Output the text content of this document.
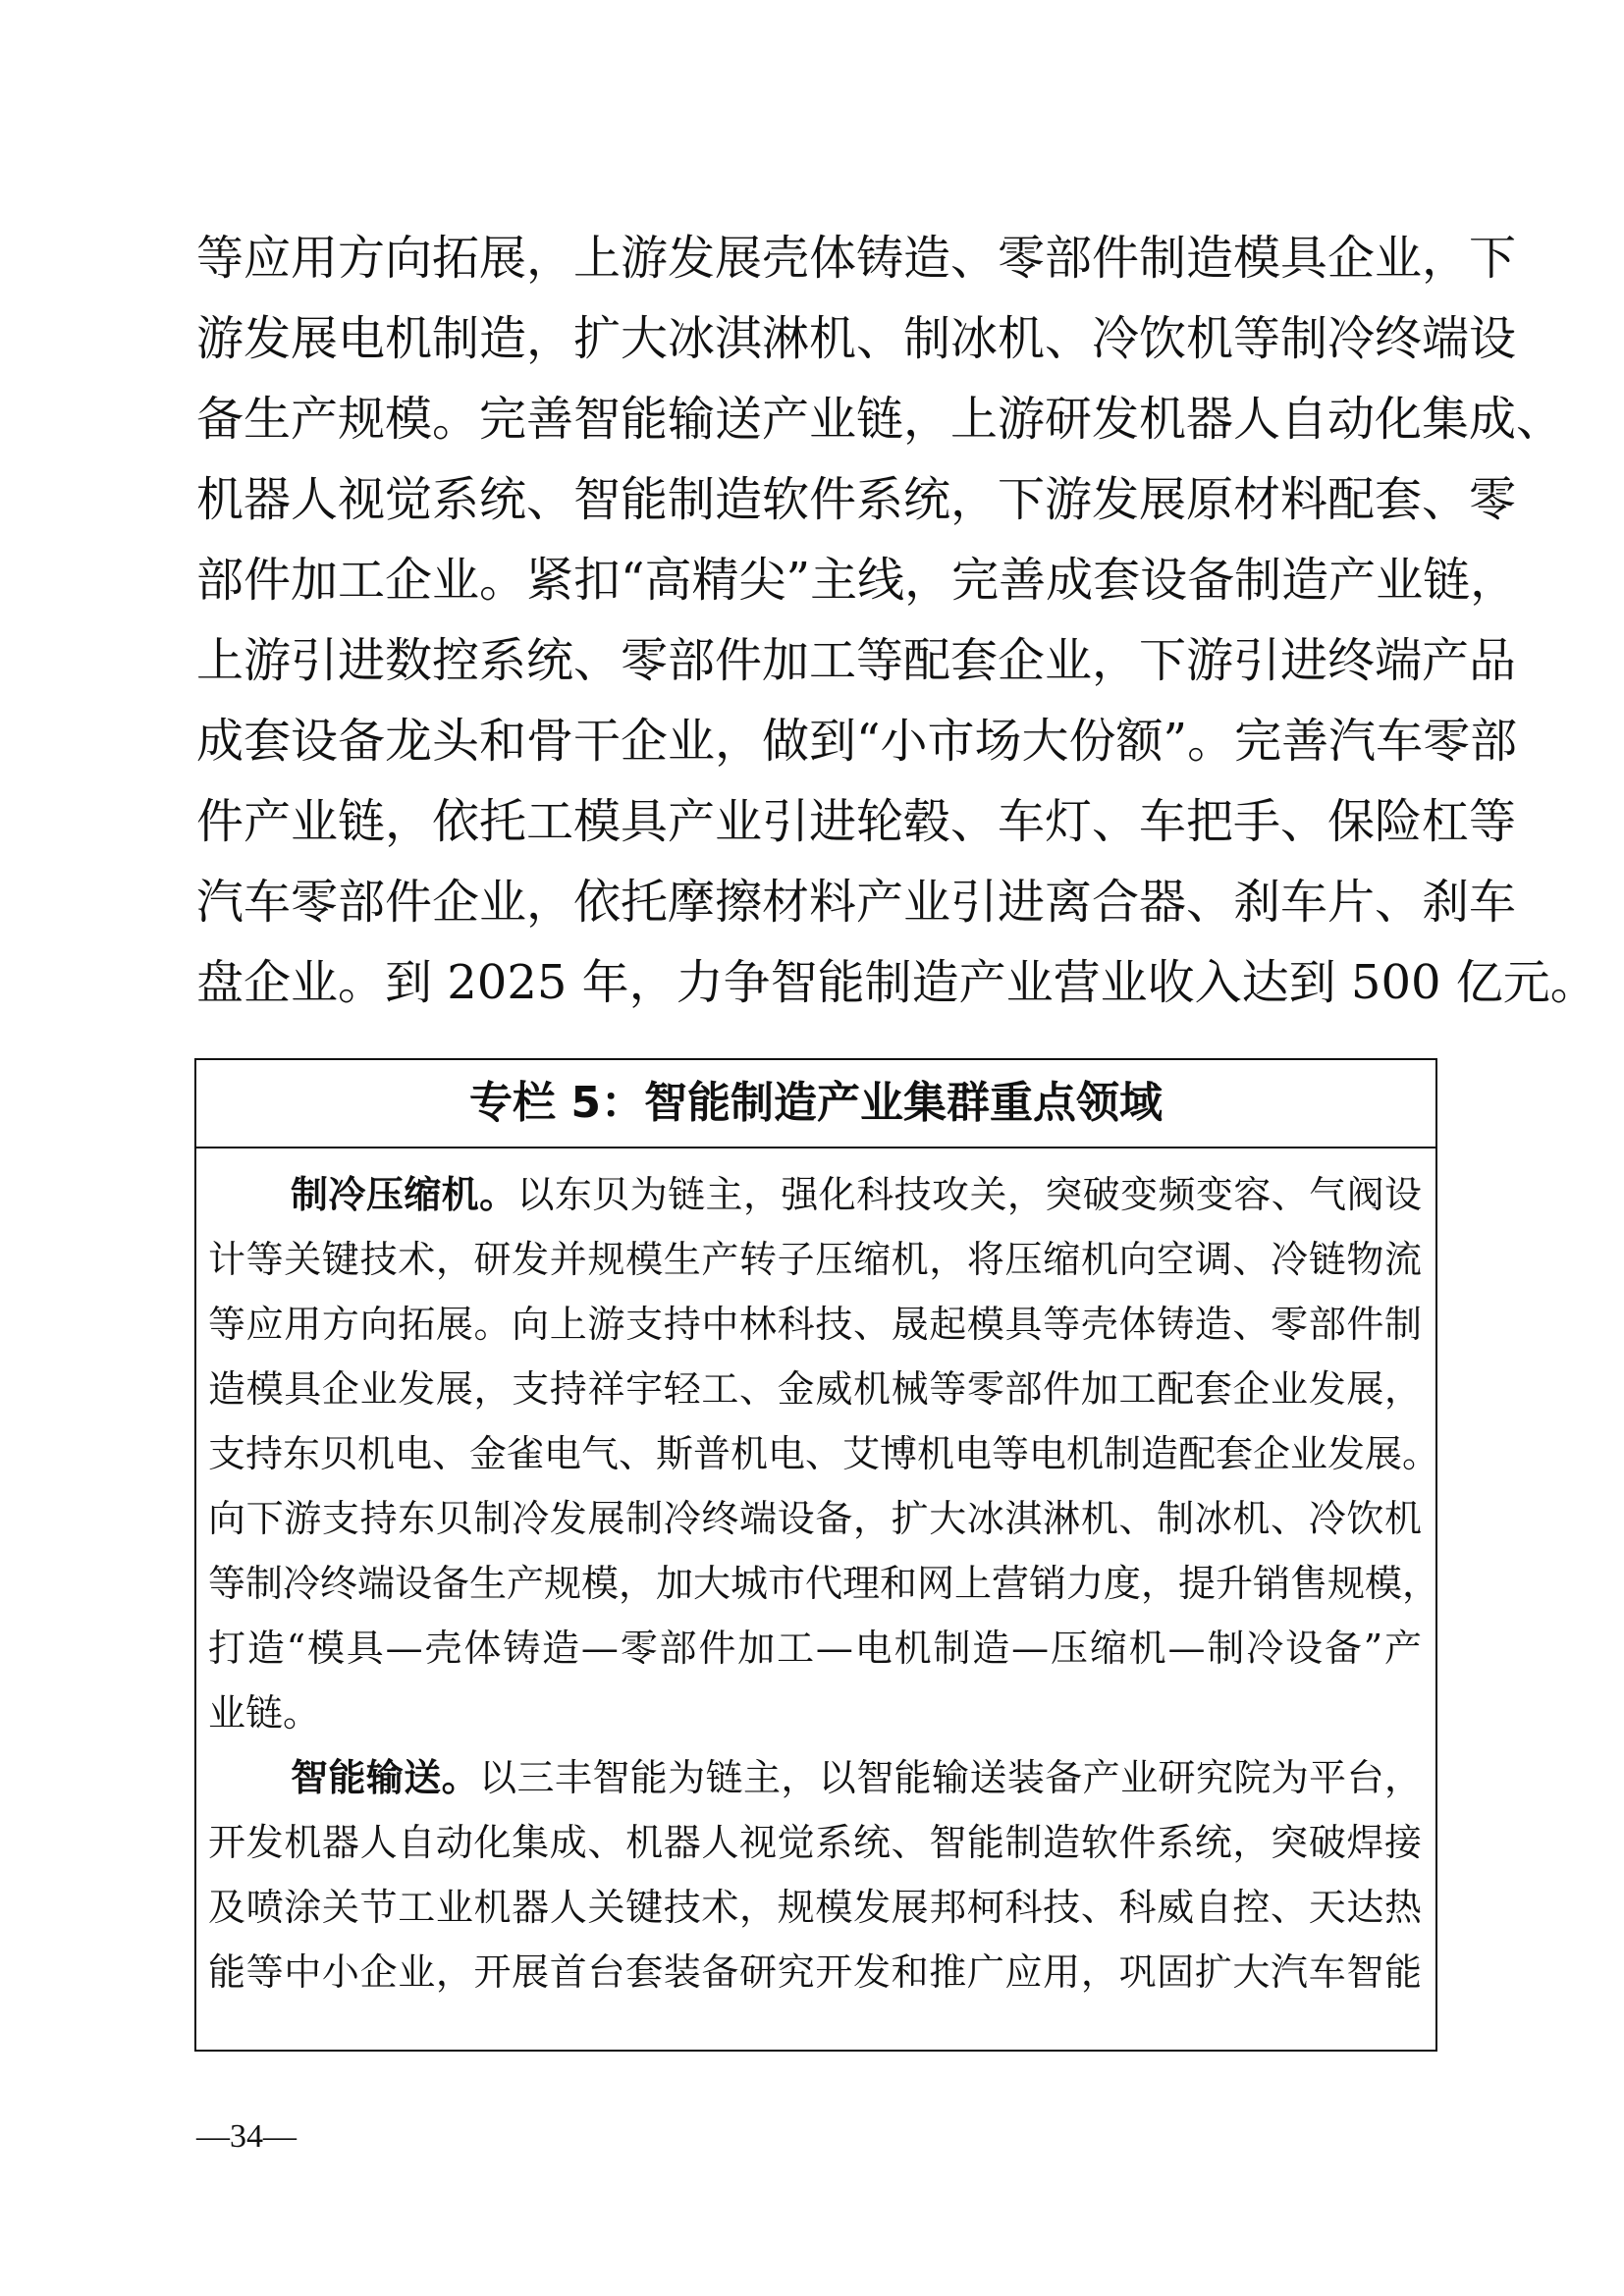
等应用方向拓展，上游发展壳体铸造、零部件制造模具企业，下
游发展电机制造，扩大冰淇淋机、制冰机、冷饮机等制冷终端设
备生产规模。完善智能输送产业链，上游研发机器人自动化集成、
机器人视觉系统、智能制造软件系统，下游发展原材料配套、零
部件加工企业。紧扣“高精尖”主线，完善成套设备制造产业链，
上游引进数控系统、零部件加工等配套企业，下游引进终端产品
成套设备龙头和骨干企业，做到“小市场大份额”。完善汽车零部
件产业链，依托工模具产业引进轮毂、车灯、车把手、保险杠等
汽车零部件企业，依托摩擦材料产业引进离合器、刹车片、刹车
盘企业。到 2025 年，力争智能制造产业营业收入达到 500 亿元。
专栏 5：智能制造产业集群重点领域
制冷压缩机。以东贝为链主，强化科技攻关，突破变频变容、气阀设
计等关键技术，研发并规模生产转子压缩机，将压缩机向空调、冷链物流
等应用方向拓展。向上游支持中林科技、晟起模具等壳体铸造、零部件制
造模具企业发展，支持祥宇轻工、金威机械等零部件加工配套企业发展，
支持东贝机电、金雀电气、斯普机电、艾博机电等电机制造配套企业发展。
向下游支持东贝制冷发展制冷终端设备，扩大冰淇淋机、制冰机、冷饮机
等制冷终端设备生产规模，加大城市代理和网上营销力度，提升销售规模，
打造“模具—壳体铸造—零部件加工—电机制造—压缩机—制冷设备”产
业链。
智能输送。以三丰智能为链主，以智能输送装备产业研究院为平台，
开发机器人自动化集成、机器人视觉系统、智能制造软件系统，突破焊接
及喷涂关节工业机器人关键技术，规模发展邦柯科技、科威自控、天达热
能等中小企业，开展首台套装备研究开发和推广应用，巩固扩大汽车智能
—34—
